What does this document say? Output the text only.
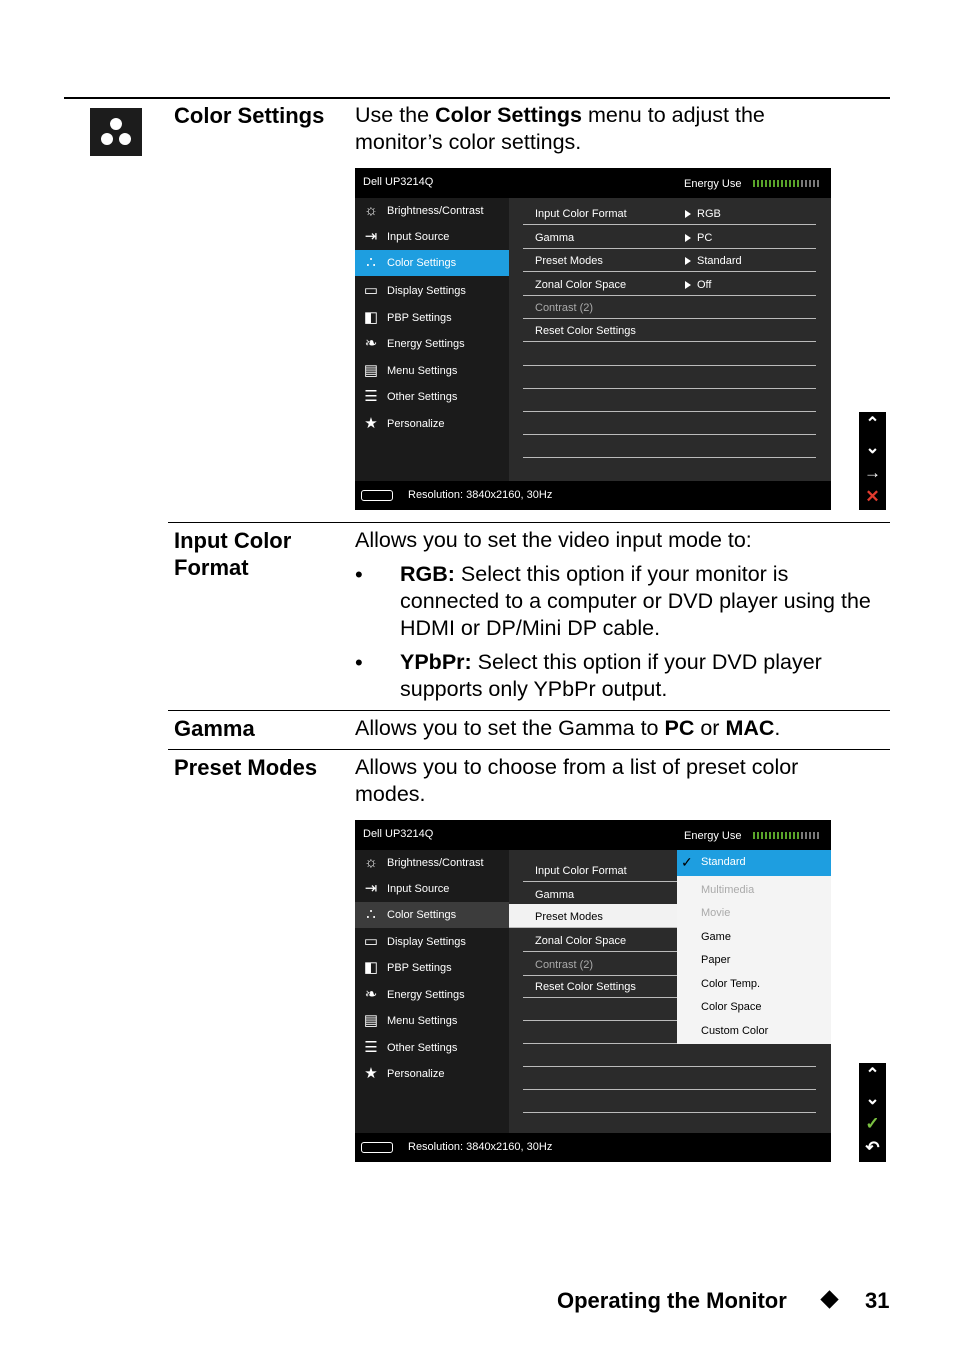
Color Settings Use the Color Settings menu to adjust the monitor’s color settings.
Dell UP3214Q	Energy Use
☼ Brightness/Contrast
⇥ Input Source
∴	Color Settings
▭ Display Settings
◧ PBP Settings
❧ Energy Settings
▤ Menu Settings
☰ Other Settings
★ Personalize
Input Color Format	RGB
Gamma	PC
Preset Modes	Standard
Zonal Color Space	Off
Contrast (2)
Reset Color Settings
Resolution: 3840x2160, 30Hz
⌃
⌄
→
✕
Input Color
Format
Allows you to set the video input mode to:
• RGB: Select this option if your monitor is connected to a computer or DVD player using the HDMI or DP/Mini DP cable.
• YPbPr: Select this option if your DVD player supports only YPbPr output.
Gamma	Allows you to set the Gamma to PC or MAC.
Preset Modes Allows you to choose from a list of preset color modes.
Dell UP3214Q	Energy Use
☼ Brightness/Contrast
⇥ Input Source
∴	Color Settings
▭ Display Settings
◧ PBP Settings
❧ Energy Settings
▤ Menu Settings
☰ Other Settings
★ Personalize
Input Color Format
Gamma
Preset Modes
Zonal Color Space
Contrast (2)
Reset Color Settings
✓ Standard
Multimedia
Movie
Game
Paper
Color Temp.
Color Space
Custom Color
Resolution: 3840x2160, 30Hz
⌃
⌄
✓
↶
Operating the Monitor	31
